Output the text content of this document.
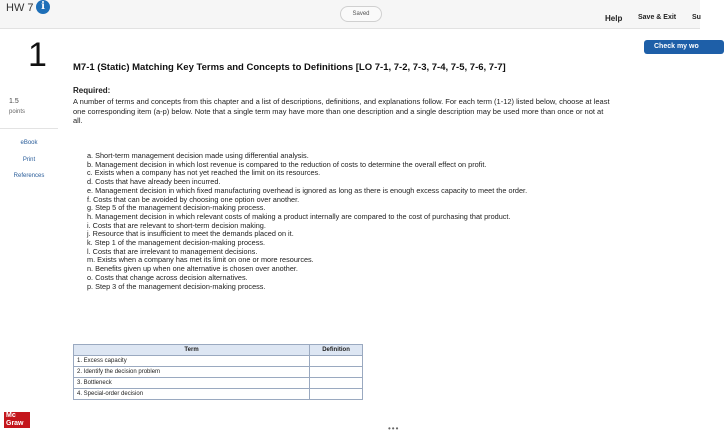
HW 7 i
Saved	Help Save & Exit Su
Check my wo
1
1.5
points
eBook
Print
References
Mc
Graw
M7-1 (Static) Matching Key Terms and Concepts to Definitions [LO 7-1, 7-2, 7-3, 7-4, 7-5, 7-6, 7-7]
Required:
A number of terms and concepts from this chapter and a list of descriptions, definitions, and explanations follow. For each term (1-12) listed below, choose at least one corresponding item (a-p) below. Note that a single term may have more than one description and a single description may be used more than once or not at all.
a. Short-term management decision made using differential analysis.
b. Management decision in which lost revenue is compared to the reduction of costs to determine the overall effect on profit.
c. Exists when a company has not yet reached the limit on its resources.
d. Costs that have already been incurred.
e. Management decision in which fixed manufacturing overhead is ignored as long as there is enough excess capacity to meet the order.
f. Costs that can be avoided by choosing one option over another.
g. Step 5 of the management decision-making process.
h. Management decision in which relevant costs of making a product internally are compared to the cost of purchasing that product.
i. Costs that are relevant to short-term decision making.
j. Resource that is insufficient to meet the demands placed on it.
k. Step 1 of the management decision-making process.
l. Costs that are irrelevant to management decisions.
m. Exists when a company has met its limit on one or more resources.
n. Benefits given up when one alternative is chosen over another.
o. Costs that change across decision alternatives.
p. Step 3 of the management decision-making process.
Term	Definition
1. Excess capacity	
2. Identify the decision problem	
3. Bottleneck	
4. Special-order decision	
•••
